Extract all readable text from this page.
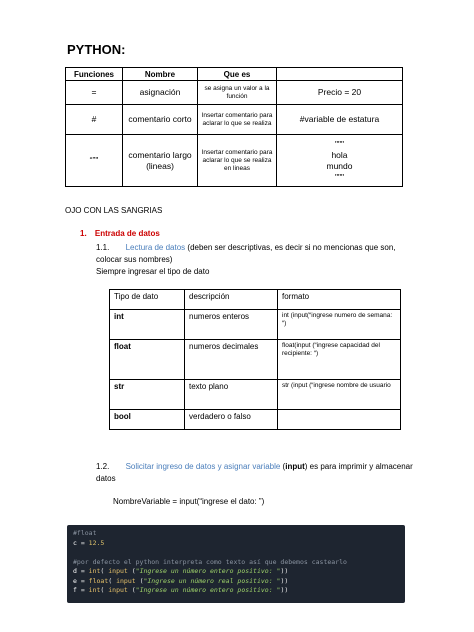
PYTHON:
Funciones	Nombre	Que es	
=	asignación	se asigna un valor a la función	Precio = 20
#	comentario corto	Insertar comentario para aclarar lo que se realiza	#variable de estatura
“”"	comentario largo (lineas)	Insertar comentario para aclarar lo que se realiza en lineas	"""
hola
mundo
"""
OJO CON LAS SANGRIAS
1. Entrada de datos
1.1. Lectura de datos (deben ser descriptivas, es decir si no mencionas que son, colocar sus nombres)
Siempre ingresar el tipo de dato
Tipo de dato	descripción	formato
int	numeros enteros	int (input(“ingrese numero de semana: “)
float	numeros decimales	float(input (“ingrese capacidad del recipiente: “)
str	texto plano	str (input (“ingrese nombre de usuario
bool	verdadero o falso	
1.2. Solicitar ingreso de datos y asignar variable (input) es para imprimir y almacenar datos
NombreVariable = input(“ingrese el dato: ”)
#float
c = 12.5

#por defecto el python interpreta como texto así que debemos castearlo
d = int( input ("Ingrese un número entero positivo: "))
e = float( input ("Ingrese un número real positivo: "))
f = int( input ("Ingrese un número entero positivo: "))
